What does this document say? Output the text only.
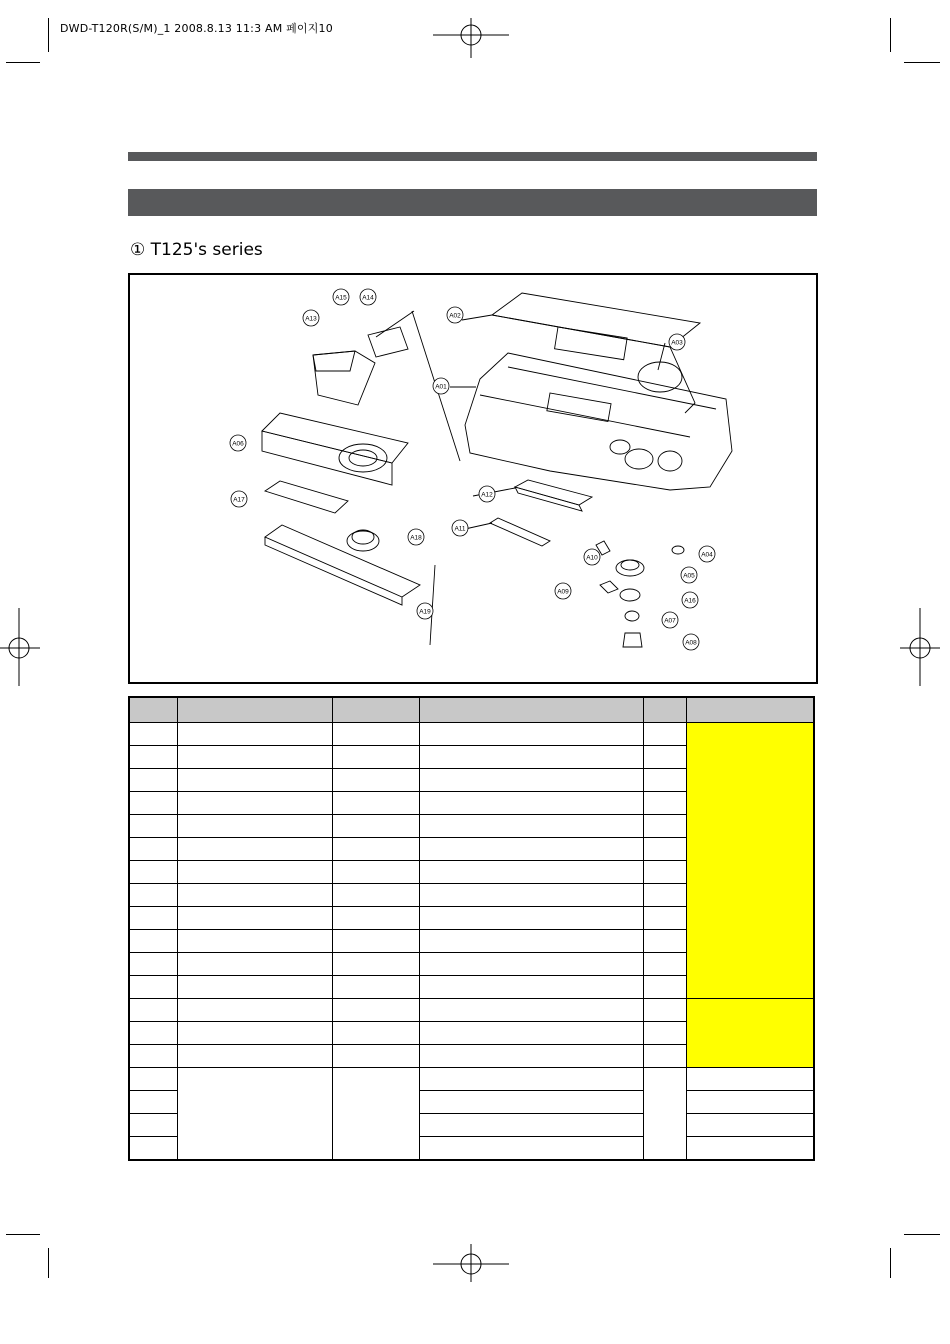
DWD-T120R(S/M)_1 2008.8.13 11:3 AM 페이지10
① T125's series
A01
A02
A03
A04
A05
A06
A07
A08
A09
A10
A11
A12
A13
A14
A15
A16
A17
A18
A19
